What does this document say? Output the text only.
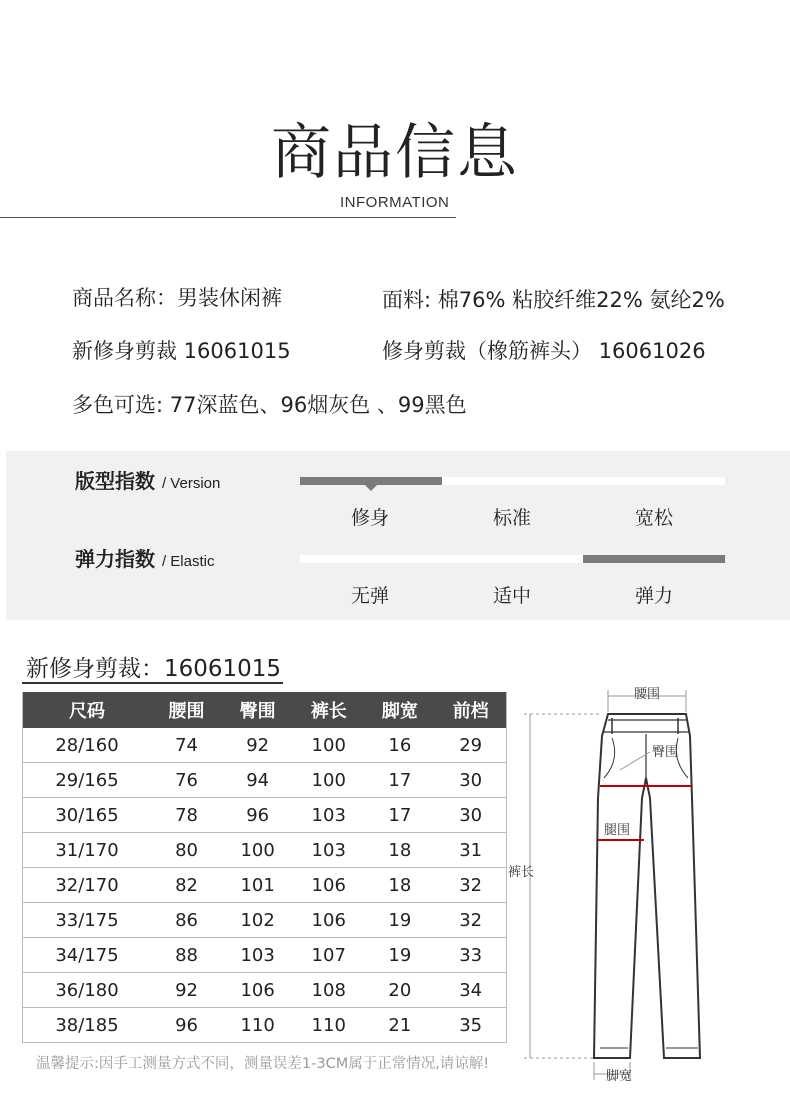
商品信息
INFORMATION
商品名称：男装休闲裤	面料: 棉76% 粘胶纤维22% 氨纶2%
新修身剪裁 16061015	修身剪裁（橡筋裤头） 16061026
多色可选: 77深蓝色、96烟灰色 、99黑色
版型指数 / Version
修身	标准	宽松
弹力指数 / Elastic
无弹	适中	弹力
新修身剪裁：16061015
尺码	腰围	臀围	裤长	脚宽	前档
28/160	74	92	100	16	29
29/165	76	94	100	17	30
30/165	78	96	103	17	30
31/170	80	100	103	18	31
32/170	82	101	106	18	32
33/175	86	102	106	19	32
34/175	88	103	107	19	33
36/180	92	106	108	20	34
38/185	96	110	110	21	35
温馨提示:因手工测量方式不同，测量误差1-3CM属于正常情况,请谅解!
腰围
臀围
腿围
裤长
脚宽
